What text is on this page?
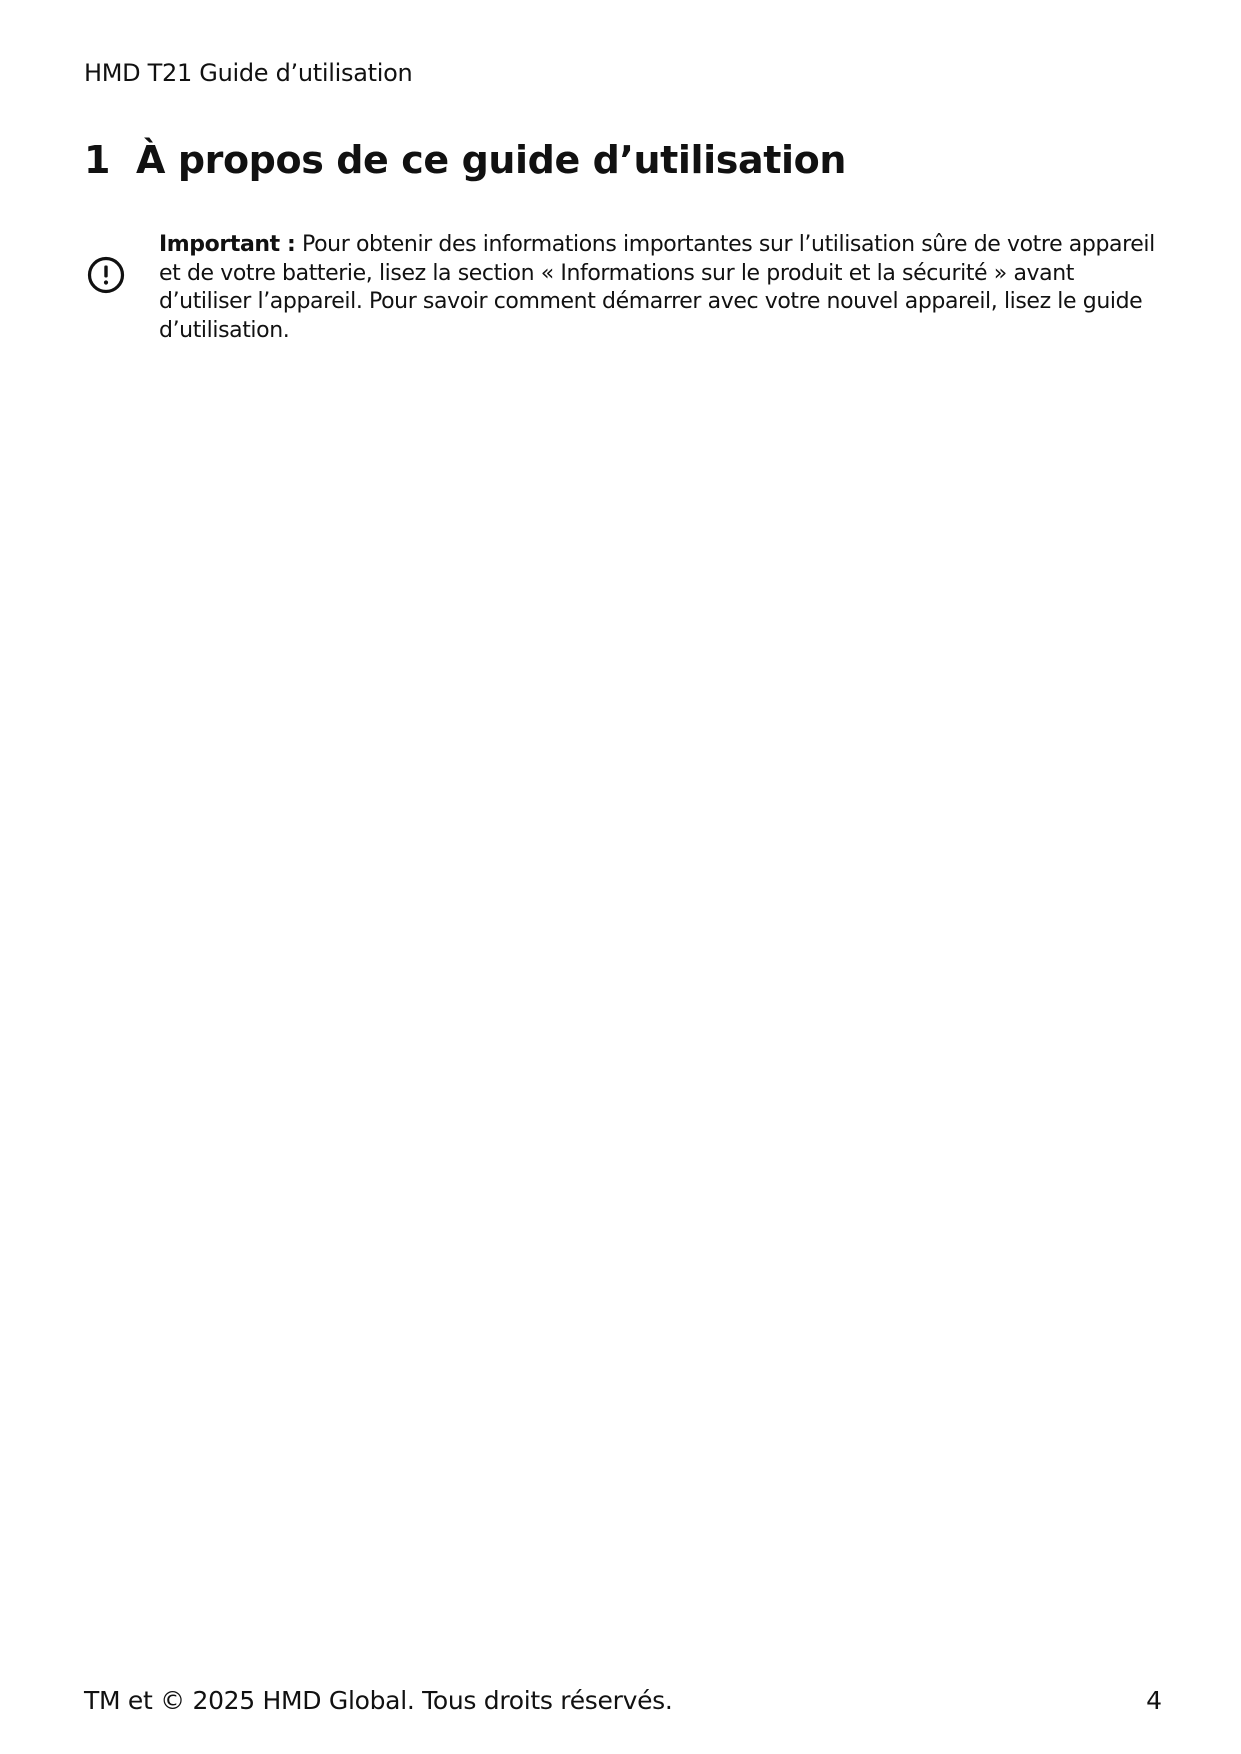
HMD T21 Guide d’utilisation
1 À propos de ce guide d’utilisation

Important : Pour obtenir des informations importantes sur l’utilisation sûre de votre appareil et de votre batterie, lisez la section « Informations sur le produit et la sécurité » avant d’utiliser l’appareil. Pour savoir comment démarrer avec votre nouvel appareil, lisez le guide d’utilisation.

TM et © 2025 HMD Global. Tous droits réservés.	4
